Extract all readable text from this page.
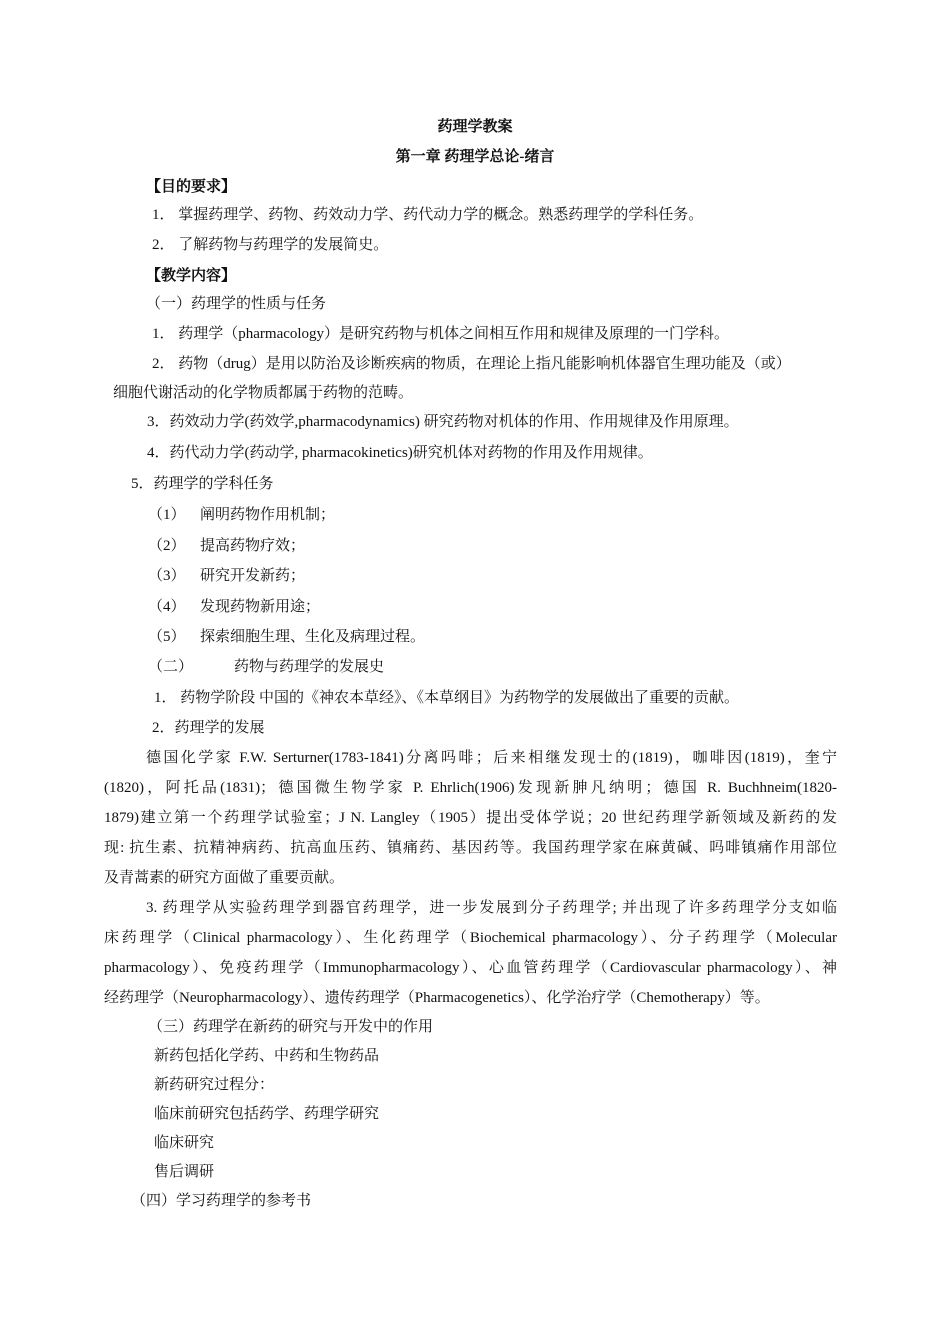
药理学教案
第一章 药理学总论-绪言
【目的要求】
1． 掌握药理学、药物、药效动力学、药代动力学的概念。熟悉药理学的学科任务。
2． 了解药物与药理学的发展简史。
【教学内容】
（一）药理学的性质与任务
1． 药理学（pharmacology）是研究药物与机体之间相互作用和规律及原理的一门学科。
2． 药物（drug）是用以防治及诊断疾病的物质，在理论上指凡能影响机体器官生理功能及（或）
细胞代谢活动的化学物质都属于药物的范畴。
3．药效动力学(药效学,pharmacodynamics) 研究药物对机体的作用、作用规律及作用原理。
4．药代动力学(药动学, pharmacokinetics)研究机体对药物的作用及作用规律。
5．药理学的学科任务
（1） 阐明药物作用机制；
（2） 提高药物疗效；
（3） 研究开发新药；
（4） 发现药物新用途；
（5） 探索细胞生理、生化及病理过程。
（二）	药物与药理学的发展史
1． 药物学阶段 中国的《神农本草经》、《本草纲目》为药物学的发展做出了重要的贡献。
2．药理学的发展
德国化学家 F.W. Serturner(1783-1841)分离吗啡；后来相继发现士的(1819)，咖啡因(1819)，奎宁
(1820)，阿托品(1831)；德国微生物学家 P. Ehrlich(1906)发现新胂凡纳明；德国 R. Buchhneim(1820-
1879)建立第一个药理学试验室；J N. Langley（1905）提出受体学说；20 世纪药理学新领域及新药的发
现: 抗生素、抗精神病药、抗高血压药、镇痛药、基因药等。我国药理学家在麻黄碱、吗啡镇痛作用部位
及青蒿素的研究方面做了重要贡献。
3. 药理学从实验药理学到器官药理学，进一步发展到分子药理学; 并出现了许多药理学分支如临
床药理学（Clinical pharmacology）、生化药理学（Biochemical pharmacology）、分子药理学（Molecular
pharmacology）、免疫药理学（Immunopharmacology）、心血管药理学（Cardiovascular pharmacology）、神
经药理学（Neuropharmacology）、遗传药理学（Pharmacogenetics）、化学治疗学（Chemotherapy）等。
（三）药理学在新药的研究与开发中的作用
新药包括化学药、中药和生物药品
新药研究过程分：
临床前研究包括药学、药理学研究
临床研究
售后调研
（四）学习药理学的参考书
